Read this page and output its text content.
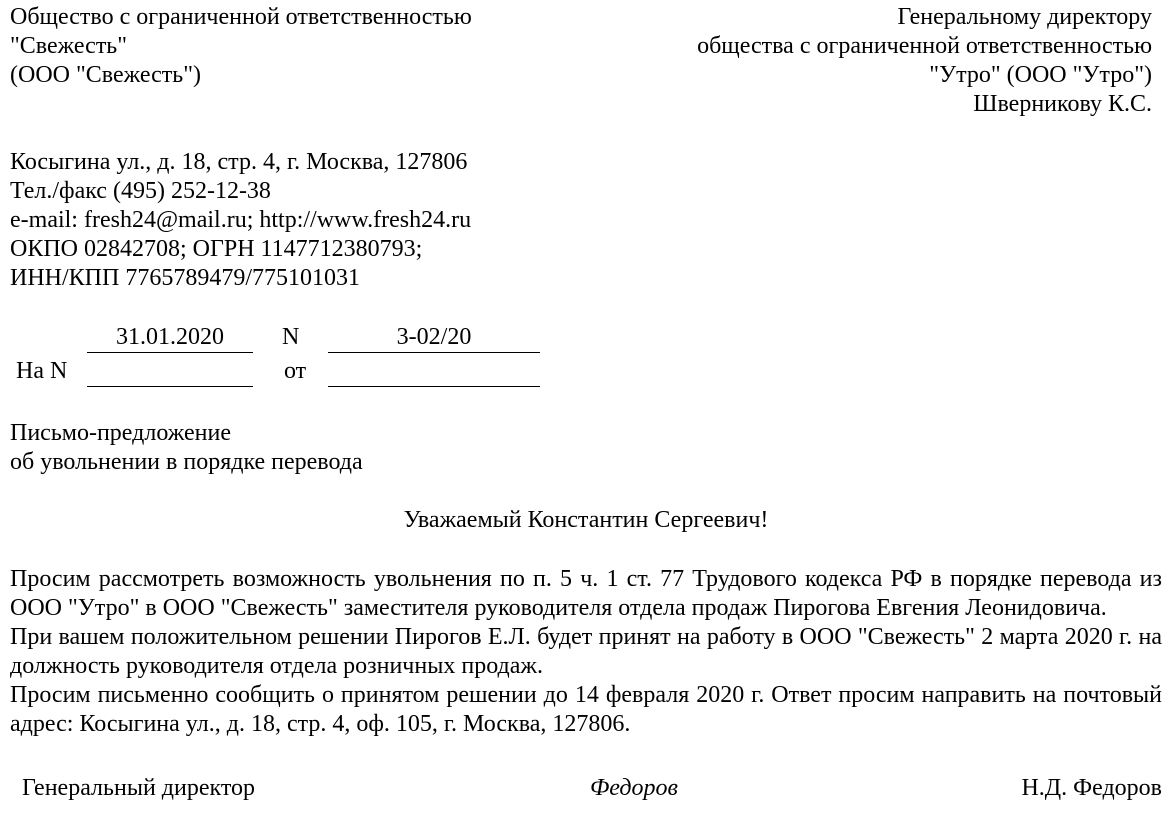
Общество с ограниченной ответственностью
"Свежесть"
(ООО "Свежесть")
Генеральному директору
общества с ограниченной ответственностью
"Утро" (ООО "Утро")
Шверникову К.С.
Косыгина ул., д. 18, стр. 4, г. Москва, 127806
Тел./факс (495) 252-12-38
e-mail: fresh24@mail.ru; http://www.fresh24.ru
ОКПО 02842708; ОГРН 1147712380793;
ИНН/КПП 7765789479/775101031
31.01.2020	N	3-02/20
На N	от
Письмо-предложение
об увольнении в порядке перевода
Уважаемый Константин Сергеевич!

Просим рассмотреть возможность увольнения по п. 5 ч. 1 ст. 77 Трудового кодекса РФ в порядке перевода из ООО "Утро" в ООО "Свежесть" заместителя руководителя отдела продаж Пирогова Евгения Леонидовича.

При вашем положительном решении Пирогов Е.Л. будет принят на работу в ООО "Свежесть" 2 марта 2020 г. на должность руководителя отдела розничных продаж.

Просим письменно сообщить о принятом решении до 14 февраля 2020 г. Ответ просим направить на почтовый адрес: Косыгина ул., д. 18, стр. 4, оф. 105, г. Москва, 127806.

Генеральный директор	Федоров	Н.Д. Федоров
